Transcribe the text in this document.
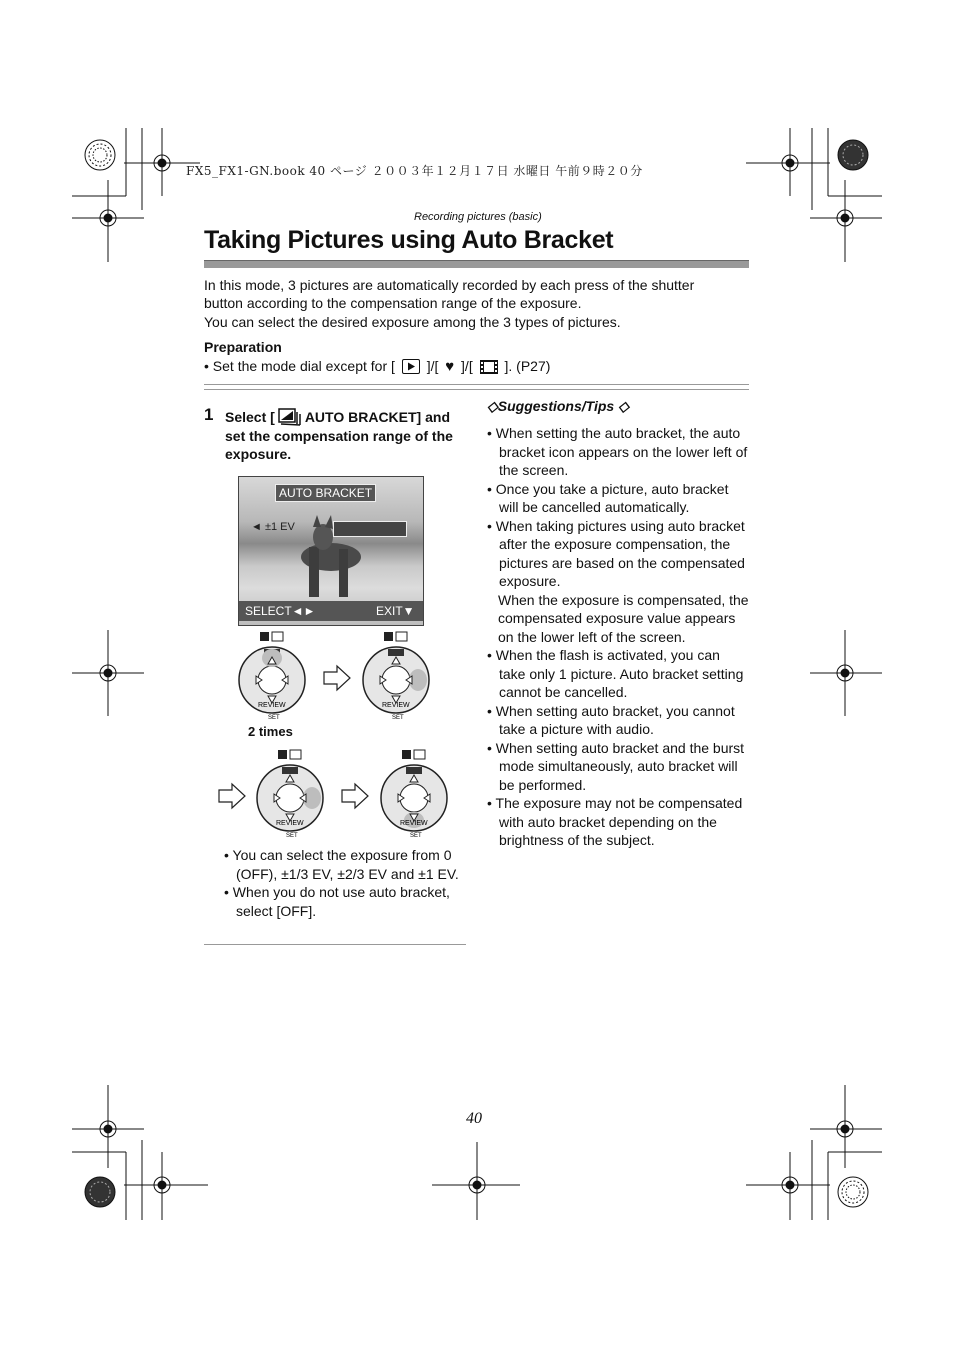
FX5_FX1-GN.book 40 ページ ２００３年１２月１７日 水曜日 午前９時２０分
Recording pictures (basic)
Taking Pictures using Auto Bracket
In this mode, 3 pictures are automatically recorded by each press of the shutter
button according to the compensation range of the exposure.
You can select the desired exposure among the 3 types of pictures.
Preparation
• Set the mode dial except for [ ]/[ ♥ ]/[ ]. (P27)
1 Select [ AUTO BRACKET] and set the compensation range of the exposure.
AUTO BRACKET
◄ ±1 EV
SELECT◄►	EXIT▼
REVIEW
SET
REVIEW
SET
REVIEW
SET
REVIEW
SET
2 times

• You can select the exposure from 0 (OFF), ±1/3 EV, ±2/3 EV and ±1 EV.

• When you do not use auto bracket, select [OFF].

◇Suggestions/Tips ◇

• When setting the auto bracket, the auto bracket icon appears on the lower left of the screen.

• Once you take a picture, auto bracket will be cancelled automatically.

• When taking pictures using auto bracket after the exposure compensation, the pictures are based on the compensated exposure.

When the exposure is compensated, the compensated exposure value appears on the lower left of the screen.

• When the flash is activated, you can take only 1 picture. Auto bracket setting cannot be cancelled.

• When setting auto bracket, you cannot take a picture with audio.

• When setting auto bracket and the burst mode simultaneously, auto bracket will be performed.

• The exposure may not be compensated with auto bracket depending on the brightness of the subject.

40
